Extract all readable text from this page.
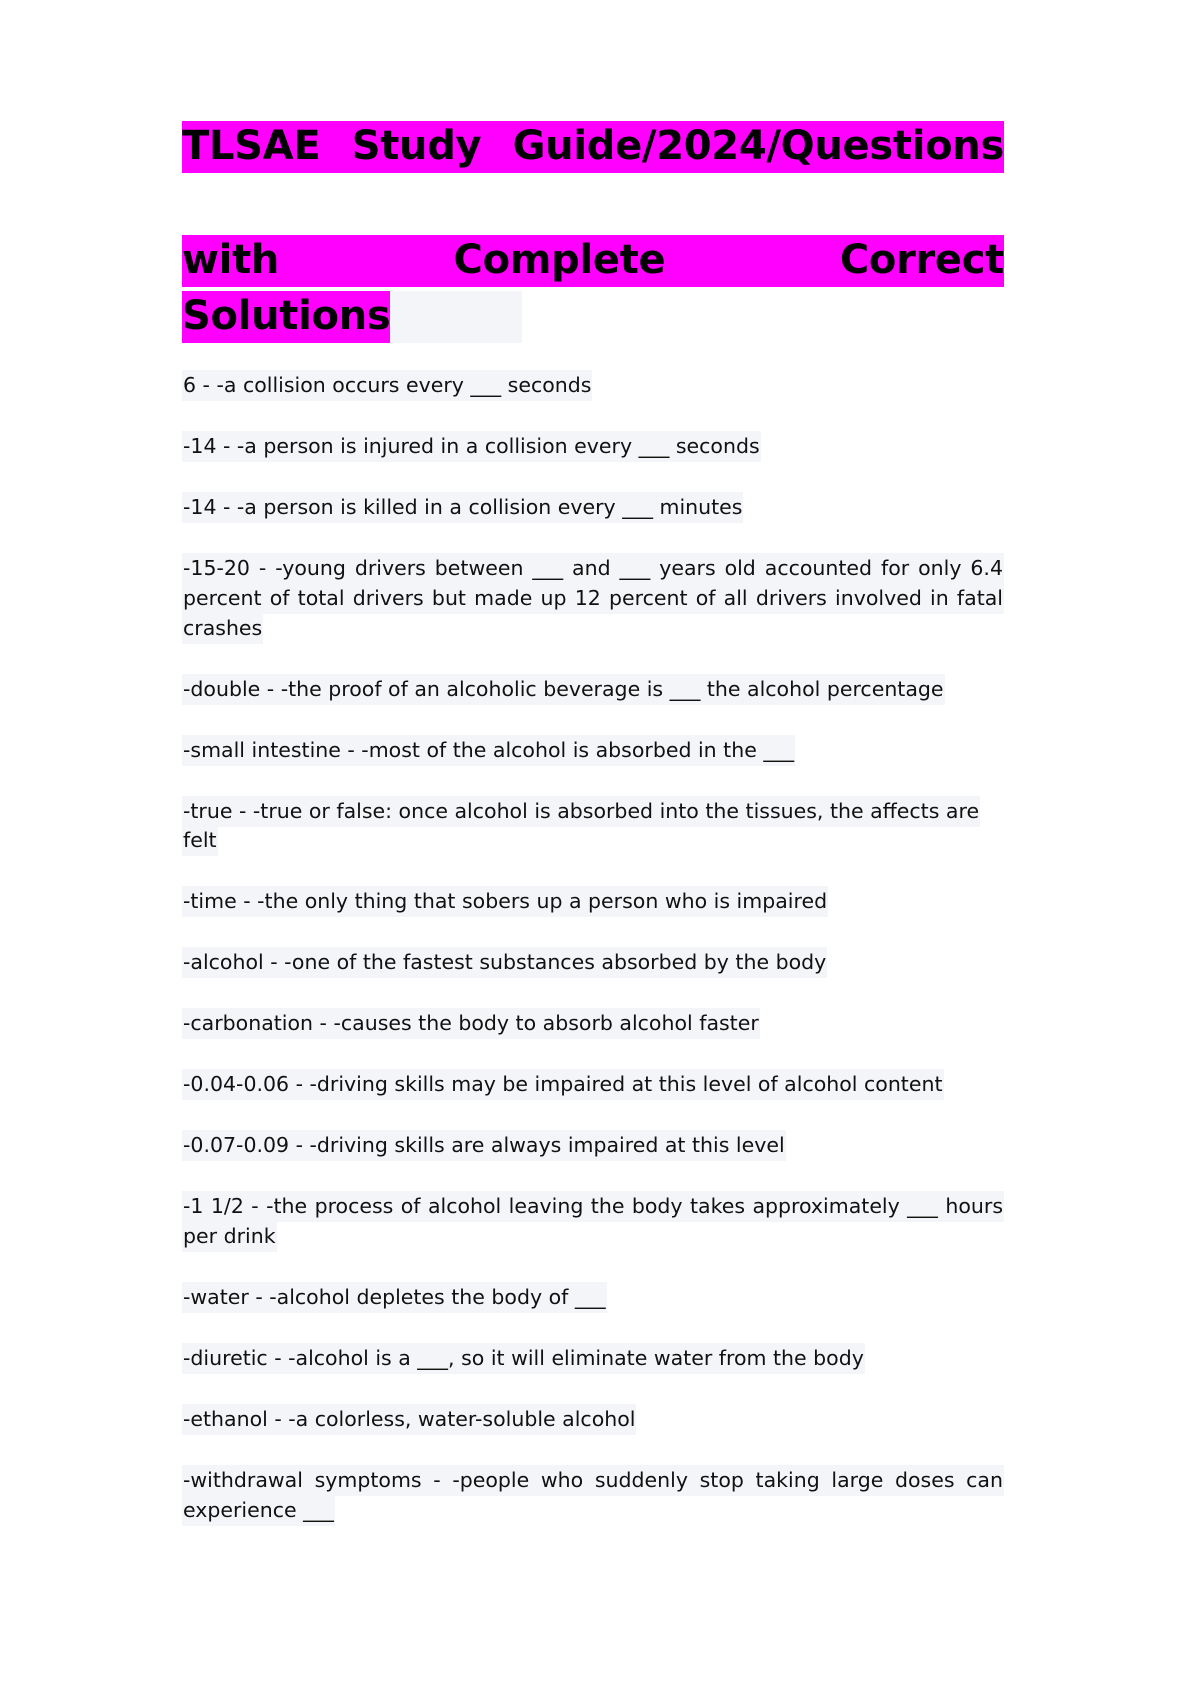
TLSAE Study Guide/2024/Questions
with Complete Correct Solutions

6 - -a collision occurs every ___ seconds

-14 - -a person is injured in a collision every ___ seconds

-14 - -a person is killed in a collision every ___ minutes

-15-20 - -young drivers between ___ and ___ years old accounted for only 6.4 percent of total drivers but made up 12 percent of all drivers involved in fatal crashes

-double - -the proof of an alcoholic beverage is ___ the alcohol percentage

-small intestine - -most of the alcohol is absorbed in the ___

-true - -true or false: once alcohol is absorbed into the tissues, the affects are felt

-time - -the only thing that sobers up a person who is impaired

-alcohol - -one of the fastest substances absorbed by the body

-carbonation - -causes the body to absorb alcohol faster

-0.04-0.06 - -driving skills may be impaired at this level of alcohol content

-0.07-0.09 - -driving skills are always impaired at this level

-1 1/2 - -the process of alcohol leaving the body takes approximately ___ hours per drink

-water - -alcohol depletes the body of ___

-diuretic - -alcohol is a ___, so it will eliminate water from the body

-ethanol - -a colorless, water-soluble alcohol

-withdrawal symptoms - -people who suddenly stop taking large doses can experience ___
